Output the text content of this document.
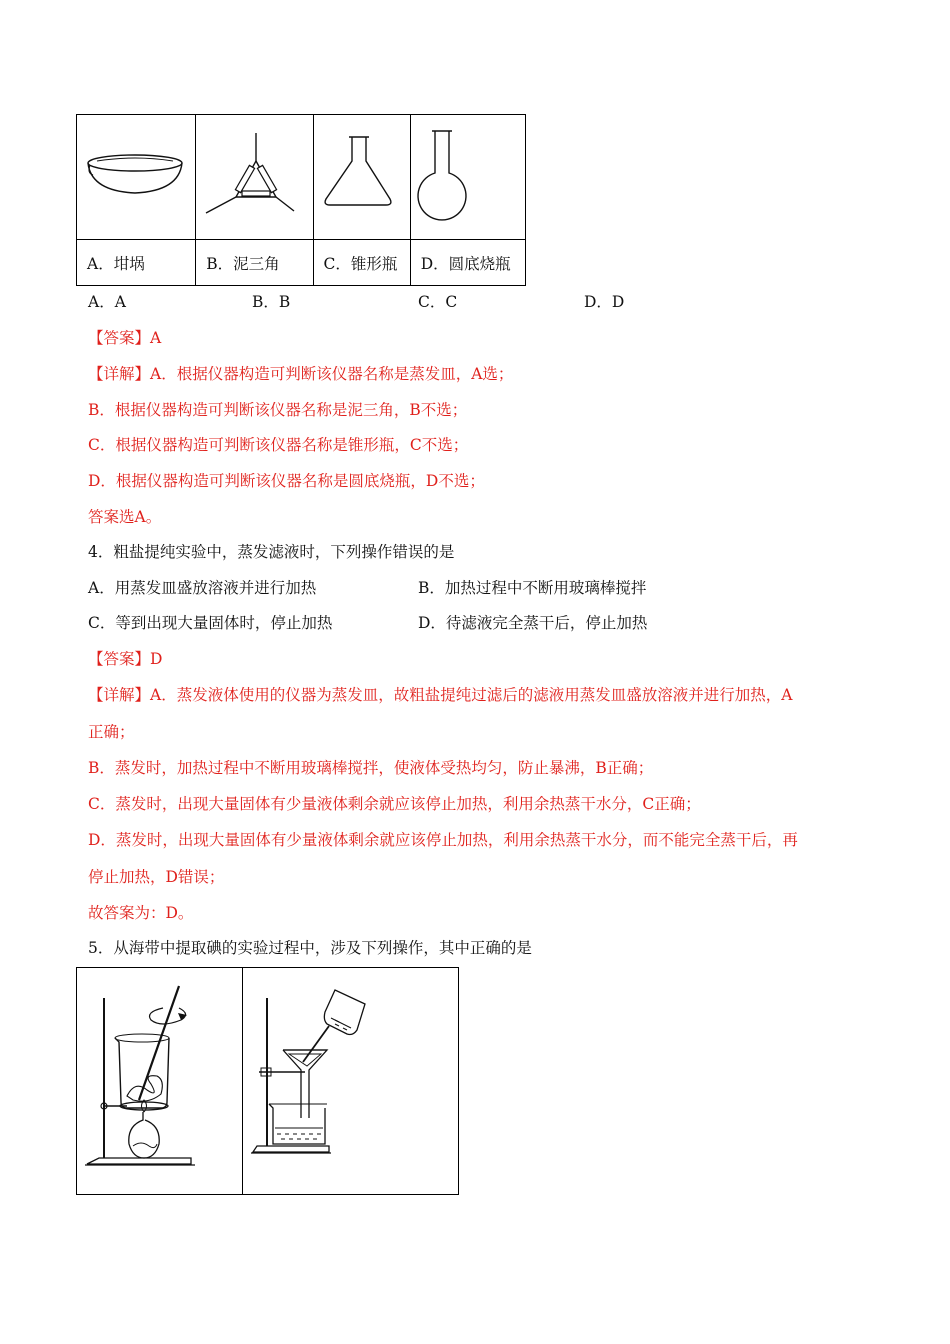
A．坩埚	B．泥三角	C．锥形瓶	D．圆底烧瓶
A．A	B．B	C．C	D．D
【答案】A
【详解】A．根据仪器构造可判断该仪器名称是蒸发皿，A选；
B．根据仪器构造可判断该仪器名称是泥三角，B不选；
C．根据仪器构造可判断该仪器名称是锥形瓶，C不选；
D．根据仪器构造可判断该仪器名称是圆底烧瓶，D不选；
答案选A。
4．粗盐提纯实验中，蒸发滤液时，下列操作错误的是
A．用蒸发皿盛放溶液并进行加热	B．加热过程中不断用玻璃棒搅拌
C．等到出现大量固体时，停止加热	D．待滤液完全蒸干后，停止加热
【答案】D
【详解】A．蒸发液体使用的仪器为蒸发皿，故粗盐提纯过滤后的滤液用蒸发皿盛放溶液并进行加热，A
正确；
B．蒸发时，加热过程中不断用玻璃棒搅拌，使液体受热均匀，防止暴沸，B正确；
C．蒸发时，出现大量固体有少量液体剩余就应该停止加热，利用余热蒸干水分，C正确；
D．蒸发时，出现大量固体有少量液体剩余就应该停止加热，利用余热蒸干水分，而不能完全蒸干后，再
停止加热，D错误；
故答案为：D。
5．从海带中提取碘的实验过程中，涉及下列操作，其中正确的是
